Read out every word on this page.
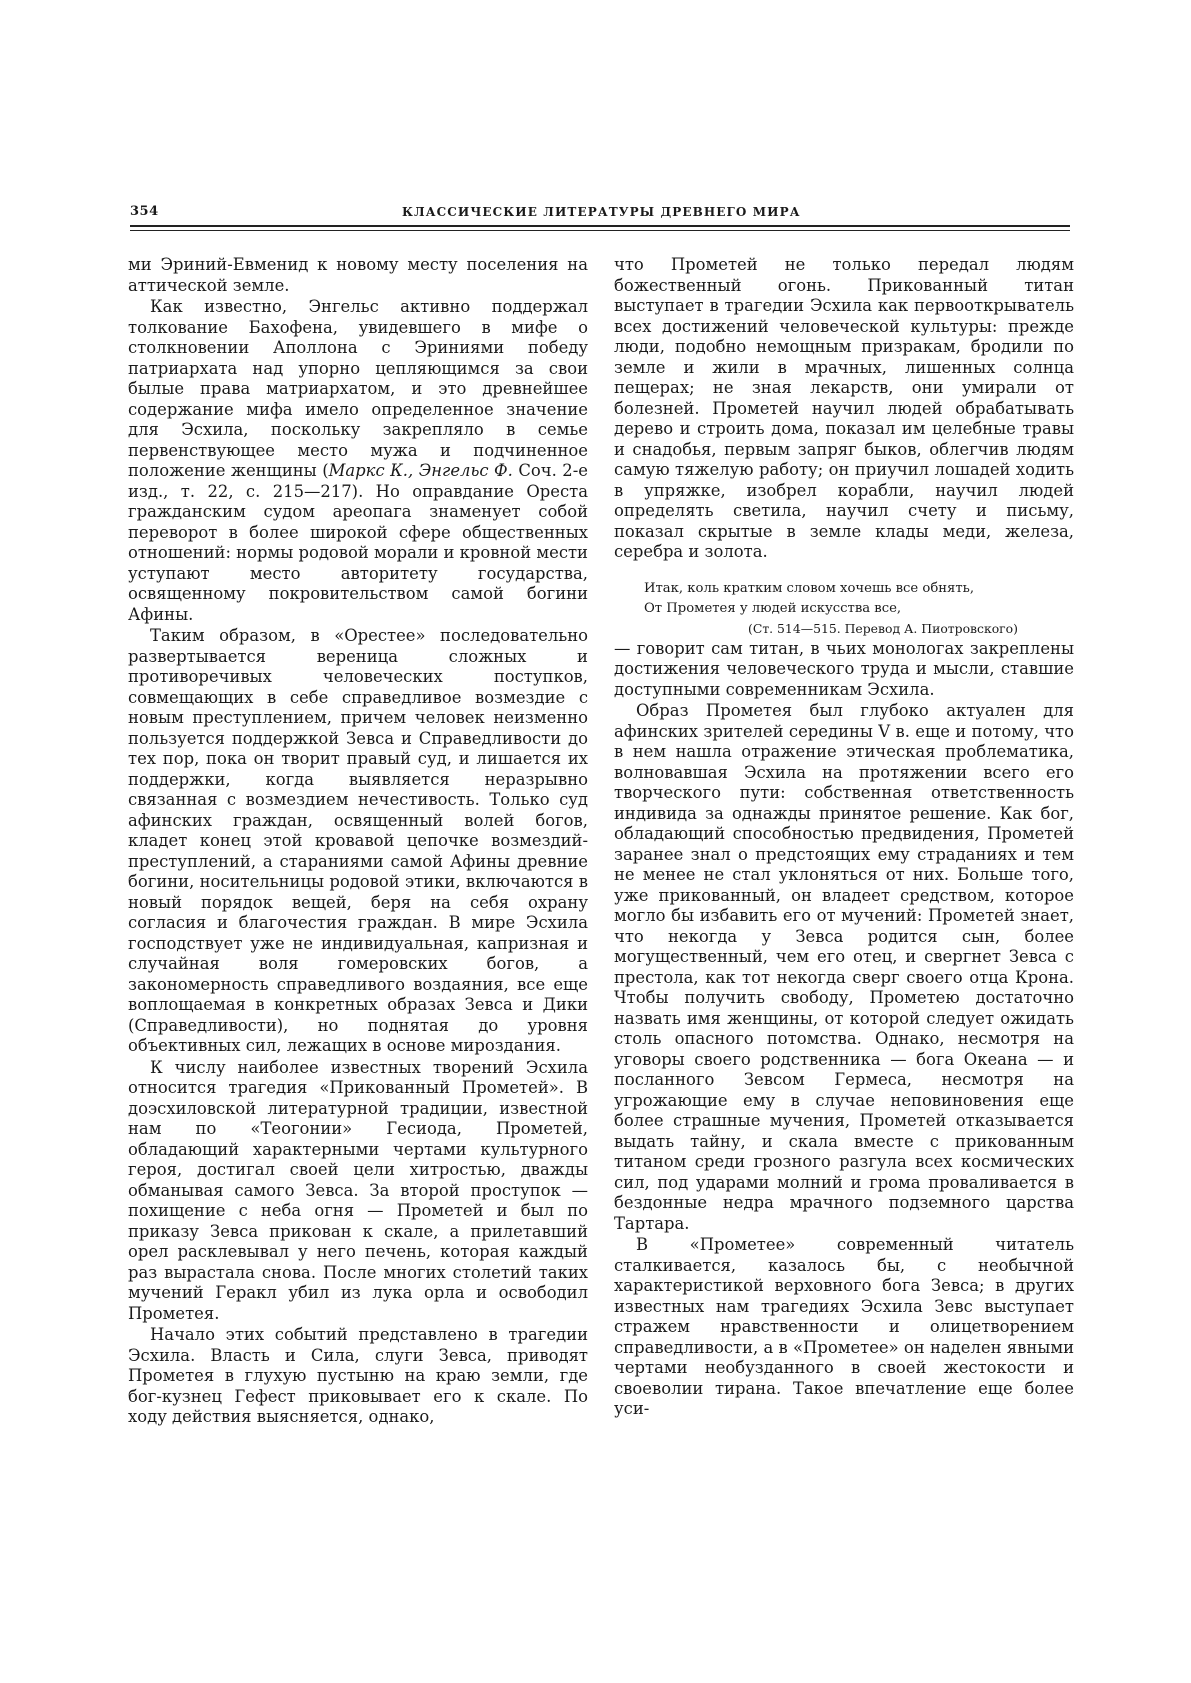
354	КЛАССИЧЕСКИЕ ЛИТЕРАТУРЫ ДРЕВНЕГО МИРА

ми Эриний-Евменид к новому месту поселения на аттической земле.

Как известно, Энгельс активно поддержал толкование Бахофена, увидевшего в мифе о столкновении Аполлона с Эриниями победу патриархата над упорно цепляющимся за свои былые права матриархатом, и это древнейшее содержание мифа имело определенное значение для Эсхила, поскольку закрепляло в семье первенствующее место мужа и подчиненное положение женщины (Маркс К., Энгельс Ф. Соч. 2-е изд., т. 22, с. 215—217). Но оправдание Ореста гражданским судом ареопага знаменует собой переворот в более широкой сфере общественных отношений: нормы родовой морали и кровной мести уступают место авторитету государства, освященному покровительством самой богини Афины.

Таким образом, в «Орестее» последовательно развертывается вереница сложных и противоречивых человеческих поступков, совмещающих в себе справедливое возмездие с новым преступлением, причем человек неизменно пользуется поддержкой Зевса и Справедливости до тех пор, пока он творит правый суд, и лишается их поддержки, когда выявляется неразрывно связанная с возмездием нечестивость. Только суд афинских граждан, освященный волей богов, кладет конец этой кровавой цепочке возмездий-преступлений, а стараниями самой Афины древние богини, носительницы родовой этики, включаются в новый порядок вещей, беря на себя охрану согласия и благочестия граждан. В мире Эсхила господствует уже не индивидуальная, капризная и случайная воля гомеровских богов, а закономерность справедливого воздаяния, все еще воплощаемая в конкретных образах Зевса и Дики (Справедливости), но поднятая до уровня объективных сил, лежащих в основе мироздания.

К числу наиболее известных творений Эсхила относится трагедия «Прикованный Прометей». В доэсхиловской литературной традиции, известной нам по «Теогонии» Гесиода, Прометей, обладающий характерными чертами культурного героя, достигал своей цели хитростью, дважды обманывая самого Зевса. За второй проступок — похищение с неба огня — Прометей и был по приказу Зевса прикован к скале, а прилетавший орел расклевывал у него печень, которая каждый раз вырастала снова. После многих столетий таких мучений Геракл убил из лука орла и освободил Прометея.

Начало этих событий представлено в трагедии Эсхила. Власть и Сила, слуги Зевса, приводят Прометея в глухую пустыню на краю земли, где бог-кузнец Гефест приковывает его к скале. По ходу действия выясняется, однако,

что Прометей не только передал людям божественный огонь. Прикованный титан выступает в трагедии Эсхила как первооткрыватель всех достижений человеческой культуры: прежде люди, подобно немощным призракам, бродили по земле и жили в мрачных, лишенных солнца пещерах; не зная лекарств, они умирали от болезней. Прометей научил людей обрабатывать дерево и строить дома, показал им целебные травы и снадобья, первым запряг быков, облегчив людям самую тяжелую работу; он приучил лошадей ходить в упряжке, изобрел корабли, научил людей определять светила, научил счету и письму, показал скрытые в земле клады меди, железа, серебра и золота.

Итак, коль кратким словом хочешь все обнять,
От Прометея у людей искусства все,
(Ст. 514—515. Перевод А. Пиотровского)

— говорит сам титан, в чьих монологах закреплены достижения человеческого труда и мысли, ставшие доступными современникам Эсхила.

Образ Прометея был глубоко актуален для афинских зрителей середины V в. еще и потому, что в нем нашла отражение этическая проблематика, волновавшая Эсхила на протяжении всего его творческого пути: собственная ответственность индивида за однажды принятое решение. Как бог, обладающий способностью предвидения, Прометей заранее знал о предстоящих ему страданиях и тем не менее не стал уклоняться от них. Больше того, уже прикованный, он владеет средством, которое могло бы избавить его от мучений: Прометей знает, что некогда у Зевса родится сын, более могущественный, чем его отец, и свергнет Зевса с престола, как тот некогда сверг своего отца Крона. Чтобы получить свободу, Прометею достаточно назвать имя женщины, от которой следует ожидать столь опасного потомства. Однако, несмотря на уговоры своего родственника — бога Океана — и посланного Зевсом Гермеса, несмотря на угрожающие ему в случае неповиновения еще более страшные мучения, Прометей отказывается выдать тайну, и скала вместе с прикованным титаном среди грозного разгула всех космических сил, под ударами молний и грома проваливается в бездонные недра мрачного подземного царства Тартара.

В «Прометее» современный читатель сталкивается, казалось бы, с необычной характеристикой верховного бога Зевса; в других известных нам трагедиях Эсхила Зевс выступает стражем нравственности и олицетворением справедливости, а в «Прометее» он наделен явными чертами необузданного в своей жестокости и своеволии тирана. Такое впечатление еще более уси-
